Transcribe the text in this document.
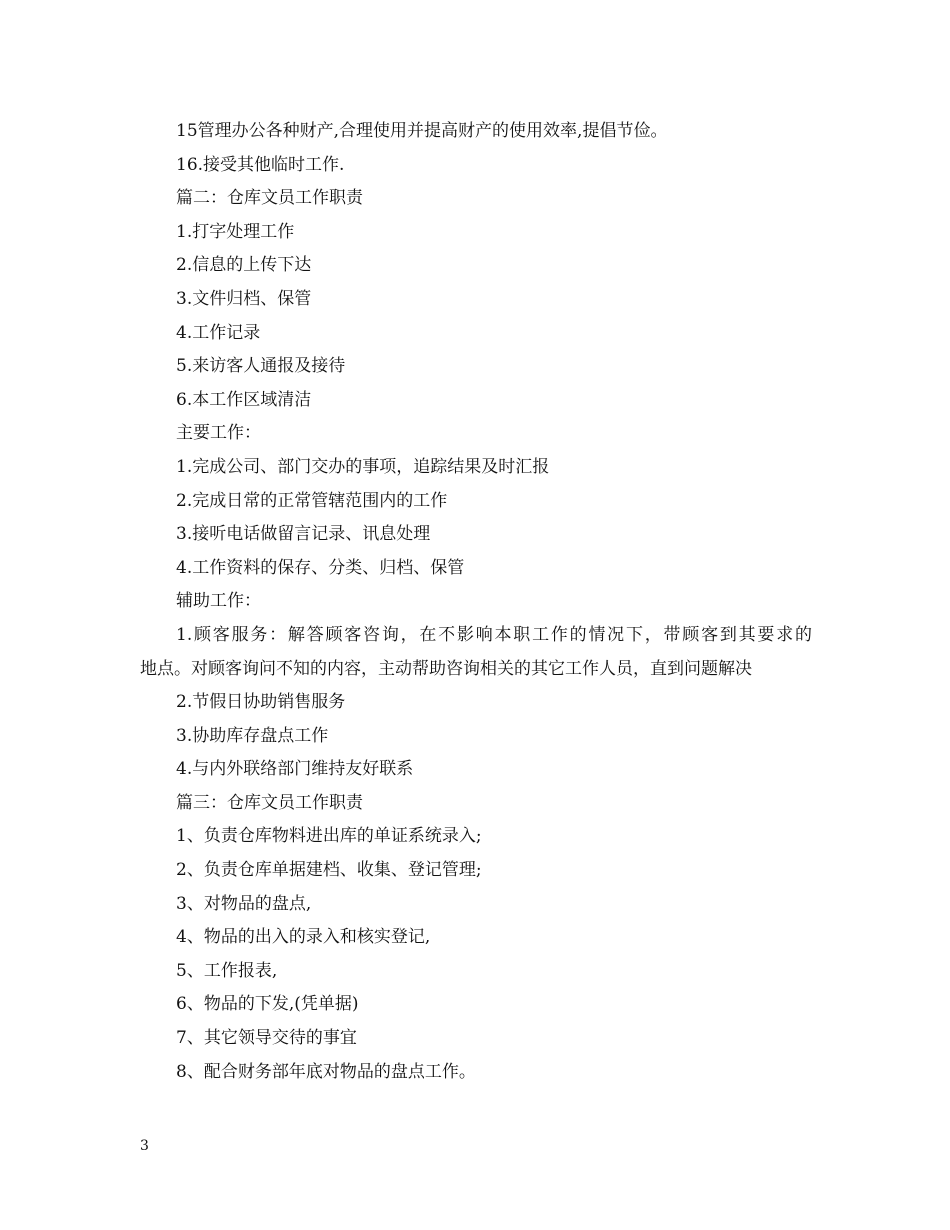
15管理办公各种财产,合理使用并提高财产的使用效率,提倡节俭。
16.接受其他临时工作.
篇二：仓库文员工作职责
1.打字处理工作
2.信息的上传下达
3.文件归档、保管
4.工作记录
5.来访客人通报及接待
6.本工作区域清洁
主要工作：
1.完成公司、部门交办的事项，追踪结果及时汇报
2.完成日常的正常管辖范围内的工作
3.接听电话做留言记录、讯息处理
4.工作资料的保存、分类、归档、保管
辅助工作：
1.顾客服务：解答顾客咨询，在不影响本职工作的情况下，带顾客到其要求的
地点。对顾客询问不知的内容，主动帮助咨询相关的其它工作人员，直到问题解决
2.节假日协助销售服务
3.协助库存盘点工作
4.与内外联络部门维持友好联系
篇三：仓库文员工作职责
1、负责仓库物料进出库的单证系统录入;
2、负责仓库单据建档、收集、登记管理;
3、对物品的盘点,
4、物品的出入的录入和核实登记,
5、工作报表,
6、物品的下发,(凭单据)
7、其它领导交待的事宜
8、配合财务部年底对物品的盘点工作。
3
